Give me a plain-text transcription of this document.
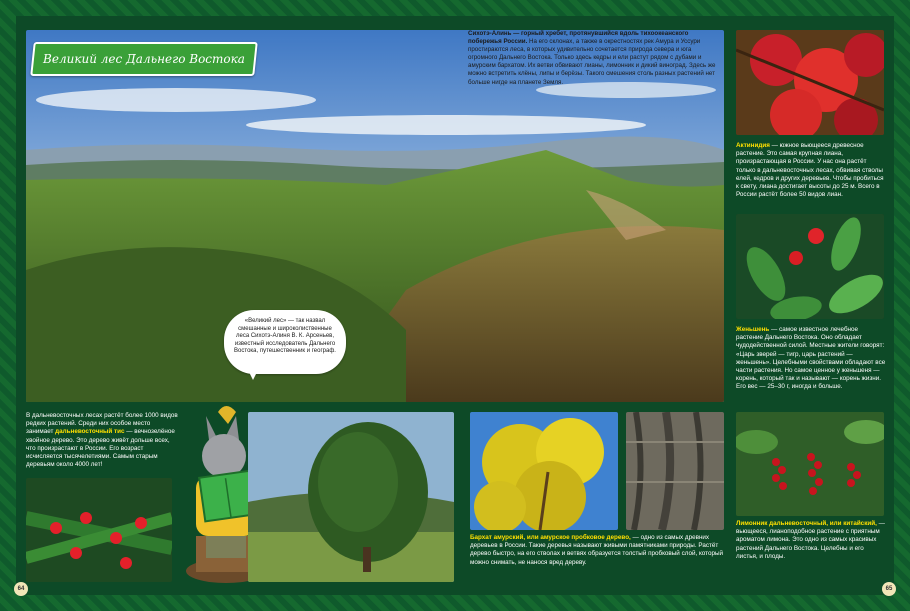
Великий лес Дальнего Востока
Сихотэ-Алинь — горный хребет, протянувшийся вдоль тихоокеанского побережья России. На его склонах, а также в окрестностях рек Амура и Уссури простираются леса, в которых удивительно сочетается природа севера и юга огромного Дальнего Востока. Только здесь кедры и ели растут рядом с дубами и амурским бархатом. Их ветви обвивают лианы, лимонник и дикий виноград. Здесь же можно встретить клёны, липы и берёзы. Такого смешения столь разных растений нет больше нигде на планете Земля.
Актинидия — южное вьющееся древесное растение. Это самая крупная лиана, произрастающая в России. У нас она растёт только в дальневосточных лесах, обвивая стволы елей, кедров и других деревьев. Чтобы пробиться к свету, лиана достигает высоты до 25 м. Всего в России растёт более 50 видов лиан.
Женьшень — самое известное лечебное растение Дальнего Востока. Оно обладает чудодейственной силой. Местные жители говорят: «Царь зверей — тигр, царь растений — женьшень». Целебными свойствами обладают все части растения. Но самое ценное у женьшеня — корень, который так и называют — корень жизни. Его вес — 25–30 г, иногда и больше.
Лимонник дальневосточный, или китайский, — вьющееся, лианоподобное растение с приятным ароматом лимона. Это одно из самых красивых растений Дальнего Востока. Целебны и его листья, и плоды.
Бархат амурский, или амурское пробковое дерево, — одно из самых древних деревьев в России. Такие деревья называют живыми памятниками природы. Растёт дерево быстро, на его стволах и ветвях образуется толстый пробковый слой, который можно снимать, не нанося вред дереву.
В дальневосточных лесах растёт более 1000 видов редких растений. Среди них особое место занимает дальневосточный тис — вечнозелёное хвойное дерево. Это дерево живёт дольше всех, что произрастают в России. Его возраст исчисляется тысячелетиями. Самым старым деревьям около 4000 лет!
«Великий лес» — так назвал смешанные и широколиственные леса Сихотэ-Алиня В. К. Арсеньев, известный исследователь Дальнего Востока, путешественник и географ.
64	65
